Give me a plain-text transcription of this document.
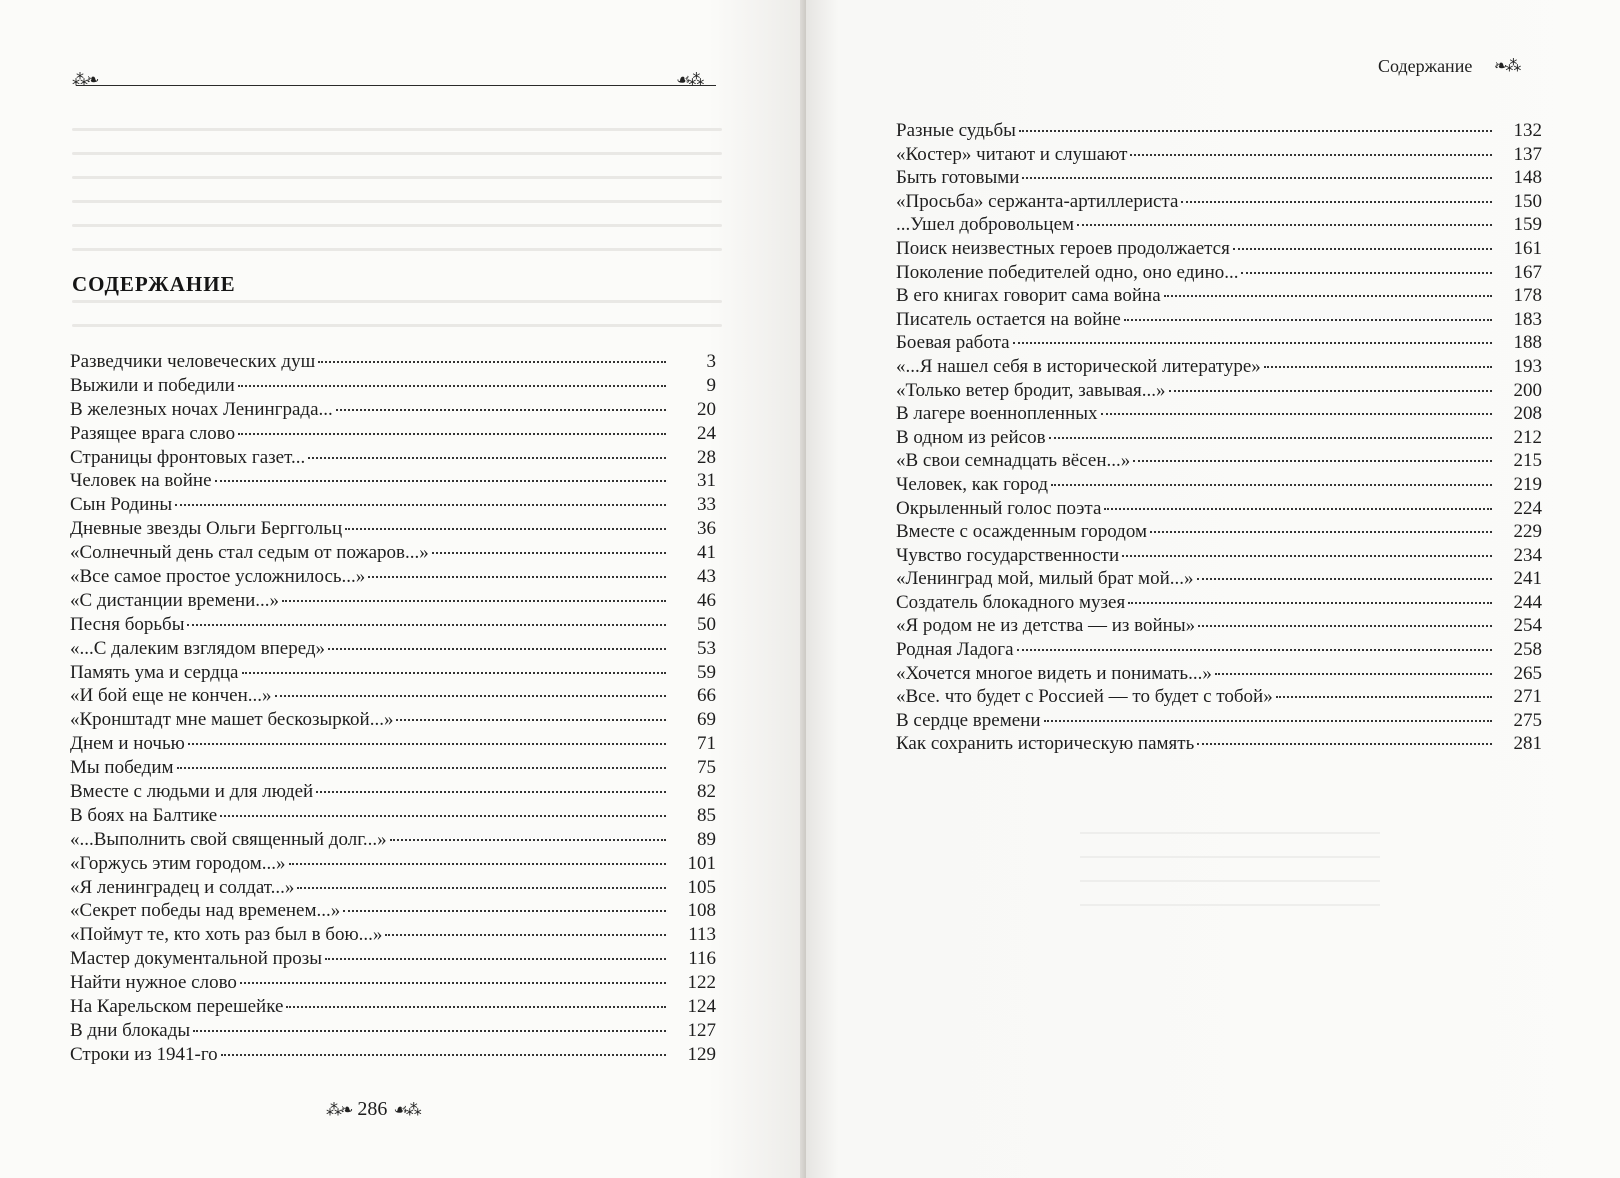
⁂❧	☙⁂
СОДЕРЖАНИЕ
Разведчики человеческих душ	3
Выжили и победили	9
В железных ночах Ленинграда...	20
Разящее врага слово	24
Страницы фронтовых газет...	28
Человек на войне	31
Сын Родины	33
Дневные звезды Ольги Берггольц	36
«Солнечный день стал седым от пожаров...»	41
«Все самое простое усложнилось...»	43
«С дистанции времени...»	46
Песня борьбы	50
«...С далеким взглядом вперед»	53
Память ума и сердца	59
«И бой еще не кончен...»	66
«Кронштадт мне машет бескозыркой...»	69
Днем и ночью	71
Мы победим	75
Вместе с людьми и для людей	82
В боях на Балтике	85
«...Выполнить свой священный долг...»	89
«Горжусь этим городом...»	101
«Я ленинградец и солдат...»	105
«Секрет победы над временем...»	108
«Поймут те, кто хоть раз был в бою...»	113
Мастер документальной прозы	116
Найти нужное слово	122
На Карельском перешейке	124
В дни блокады	127
Строки из 1941-го	129
⁂❧ 286 ☙⁂
Содержание ❧⁂
Разные судьбы	132
«Костер» читают и слушают	137
Быть готовыми	148
«Просьба» сержанта-артиллериста	150
...Ушел добровольцем	159
Поиск неизвестных героев продолжается	161
Поколение победителей одно, оно едино...	167
В его книгах говорит сама война	178
Писатель остается на войне	183
Боевая работа	188
«...Я нашел себя в исторической литературе»	193
«Только ветер бродит, завывая...»	200
В лагере военнопленных	208
В одном из рейсов	212
«В свои семнадцать вёсен...»	215
Человек, как город	219
Окрыленный голос поэта	224
Вместе с осажденным городом	229
Чувство государственности	234
«Ленинград мой, милый брат мой...»	241
Создатель блокадного музея	244
«Я родом не из детства — из войны»	254
Родная Ладога	258
«Хочется многое видеть и понимать...»	265
«Все. что будет с Россией — то будет с тобой»	271
В сердце времени	275
Как сохранить историческую память	281
